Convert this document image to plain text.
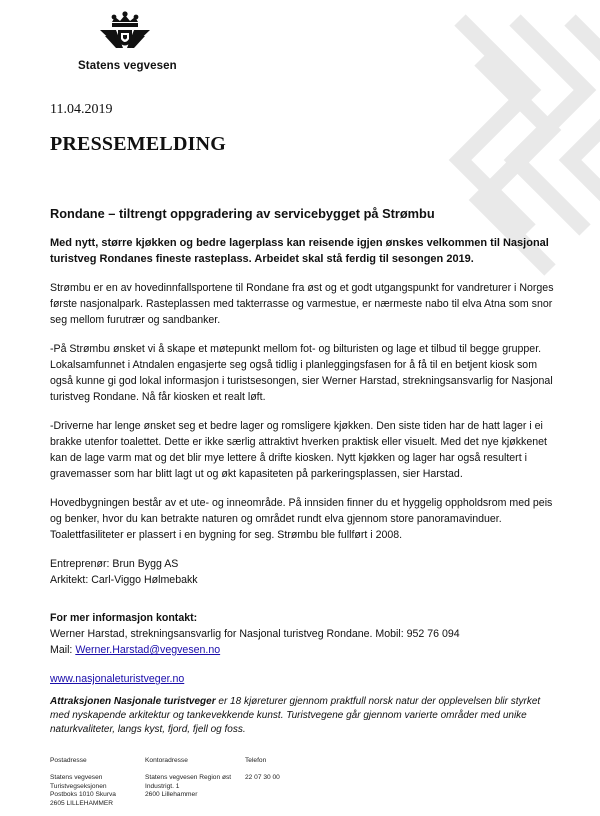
Statens vegvesen
11.04.2019
PRESSEMELDING

Rondane – tiltrengt oppgradering av servicebygget på Strømbu

Med nytt, større kjøkken og bedre lagerplass kan reisende igjen ønskes velkommen til Nasjonal turistveg Rondanes fineste rasteplass. Arbeidet skal stå ferdig til sesongen 2019.

Strømbu er en av hovedinnfallsportene til Rondane fra øst og et godt utgangspunkt for vandreturer i Norges første nasjonalpark. Rasteplassen med takterrasse og varmestue, er nærmeste nabo til elva Atna som snor seg mellom furutrær og sandbanker.

-På Strømbu ønsket vi å skape et møtepunkt mellom fot- og bilturisten og lage et tilbud til begge grupper. Lokalsamfunnet i Atndalen engasjerte seg også tidlig i planleggingsfasen for å få til en betjent kiosk som også kunne gi god lokal informasjon i turistsesongen, sier Werner Harstad, strekningsansvarlig for Nasjonal turistveg Rondane. Nå får kiosken et realt løft.

-Driverne har lenge ønsket seg et bedre lager og romsligere kjøkken. Den siste tiden har de hatt lager i ei brakke utenfor toalettet. Dette er ikke særlig attraktivt hverken praktisk eller visuelt. Med det nye kjøkkenet kan de lage varm mat og det blir mye lettere å drifte kiosken. Nytt kjøkken og lager har også resultert i gravemasser som har blitt lagt ut og økt kapasiteten på parkeringsplassen, sier Harstad.

Hovedbygningen består av et ute- og inneområde. På innsiden finner du et hyggelig oppholdsrom med peis og benker, hvor du kan betrakte naturen og området rundt elva gjennom store panoramavinduer. Toalettfasiliteter er plassert i en bygning for seg. Strømbu ble fullført i 2008.

Entreprenør: Brun Bygg AS
Arkitekt: Carl-Viggo Hølmebakk

For mer informasjon kontakt:
Werner Harstad, strekningsansvarlig for Nasjonal turistveg Rondane. Mobil: 952 76 094
Mail: Werner.Harstad@vegvesen.no

www.nasjonaleturistveger.no

Attraksjonen Nasjonale turistveger er 18 kjøreturer gjennom praktfull norsk natur der opplevelsen blir styrket med nyskapende arkitektur og tankevekkende kunst. Turistvegene går gjennom varierte områder med unike naturkvaliteter, langs kyst, fjord, fjell og foss.

Postadresse
Statens vegvesen
Turistvegseksjonen
Postboks 1010 Skurva
2605 LILLEHAMMER
Kontoradresse
Statens vegvesen Region øst
Industrigt. 1
2600 Lillehammer
Telefon
22 07 30 00
